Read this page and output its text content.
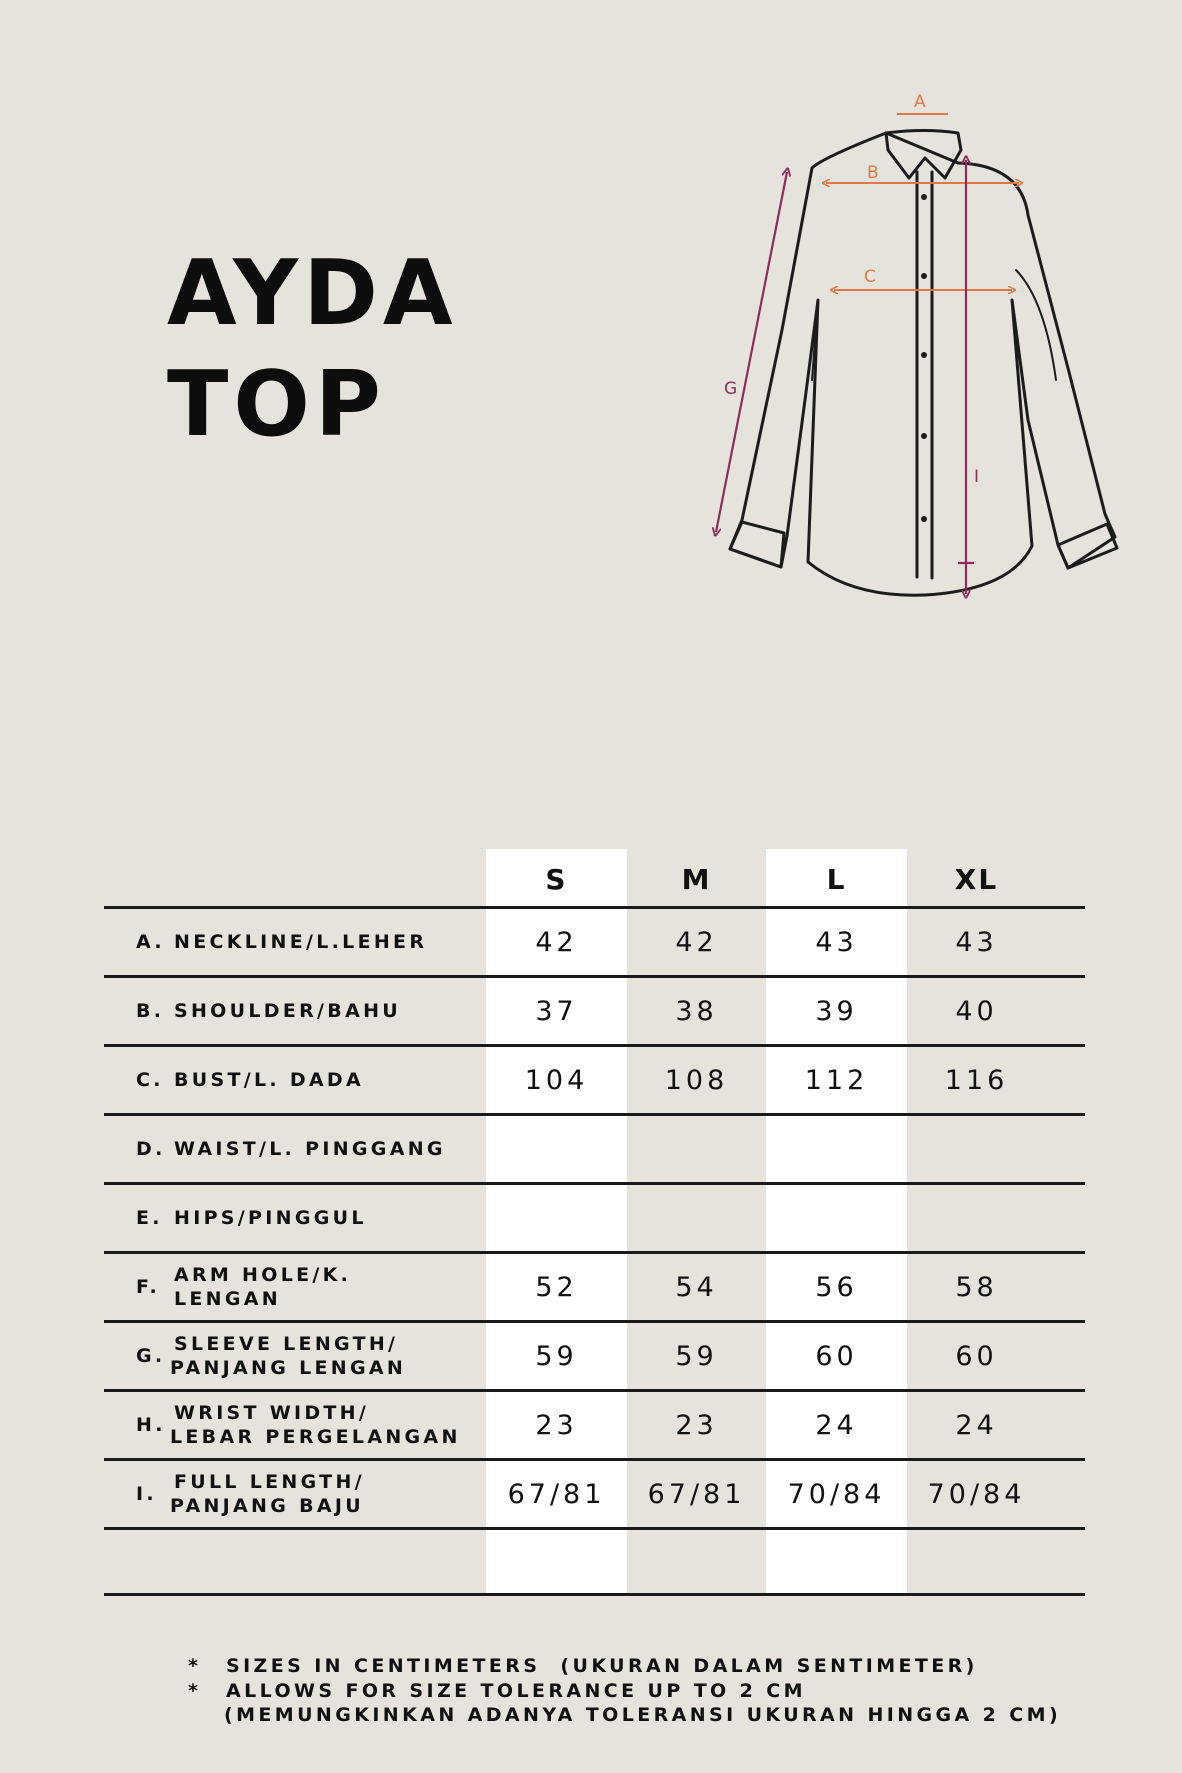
AYDA
TOP
A
B
C
G
I
S	M	L	XL
A. NECKLINE/L.LEHER	42	42	43	43
B. SHOULDER/BAHU	37	38	39	40
C. BUST/L. DADA	104	108	112	116
D. WAIST/L. PINGGANG
E. HIPS/PINGGUL
F.
ARM HOLE/K. LENGAN	52	54	56	58
G.
SLEEVE LENGTH/
PANJANG LENGAN	59	59	60	60
H.
WRIST WIDTH/
LEBAR PERGELANGAN	23	23	24	24
I.
FULL LENGTH/
PANJANG BAJU	67/81	67/81	70/84	70/84
*	SIZES IN CENTIMETERS  (UKURAN DALAM SENTIMETER)
*	ALLOWS FOR SIZE TOLERANCE UP TO 2 CM
(MEMUNGKINKAN ADANYA TOLERANSI UKURAN HINGGA 2 CM)
